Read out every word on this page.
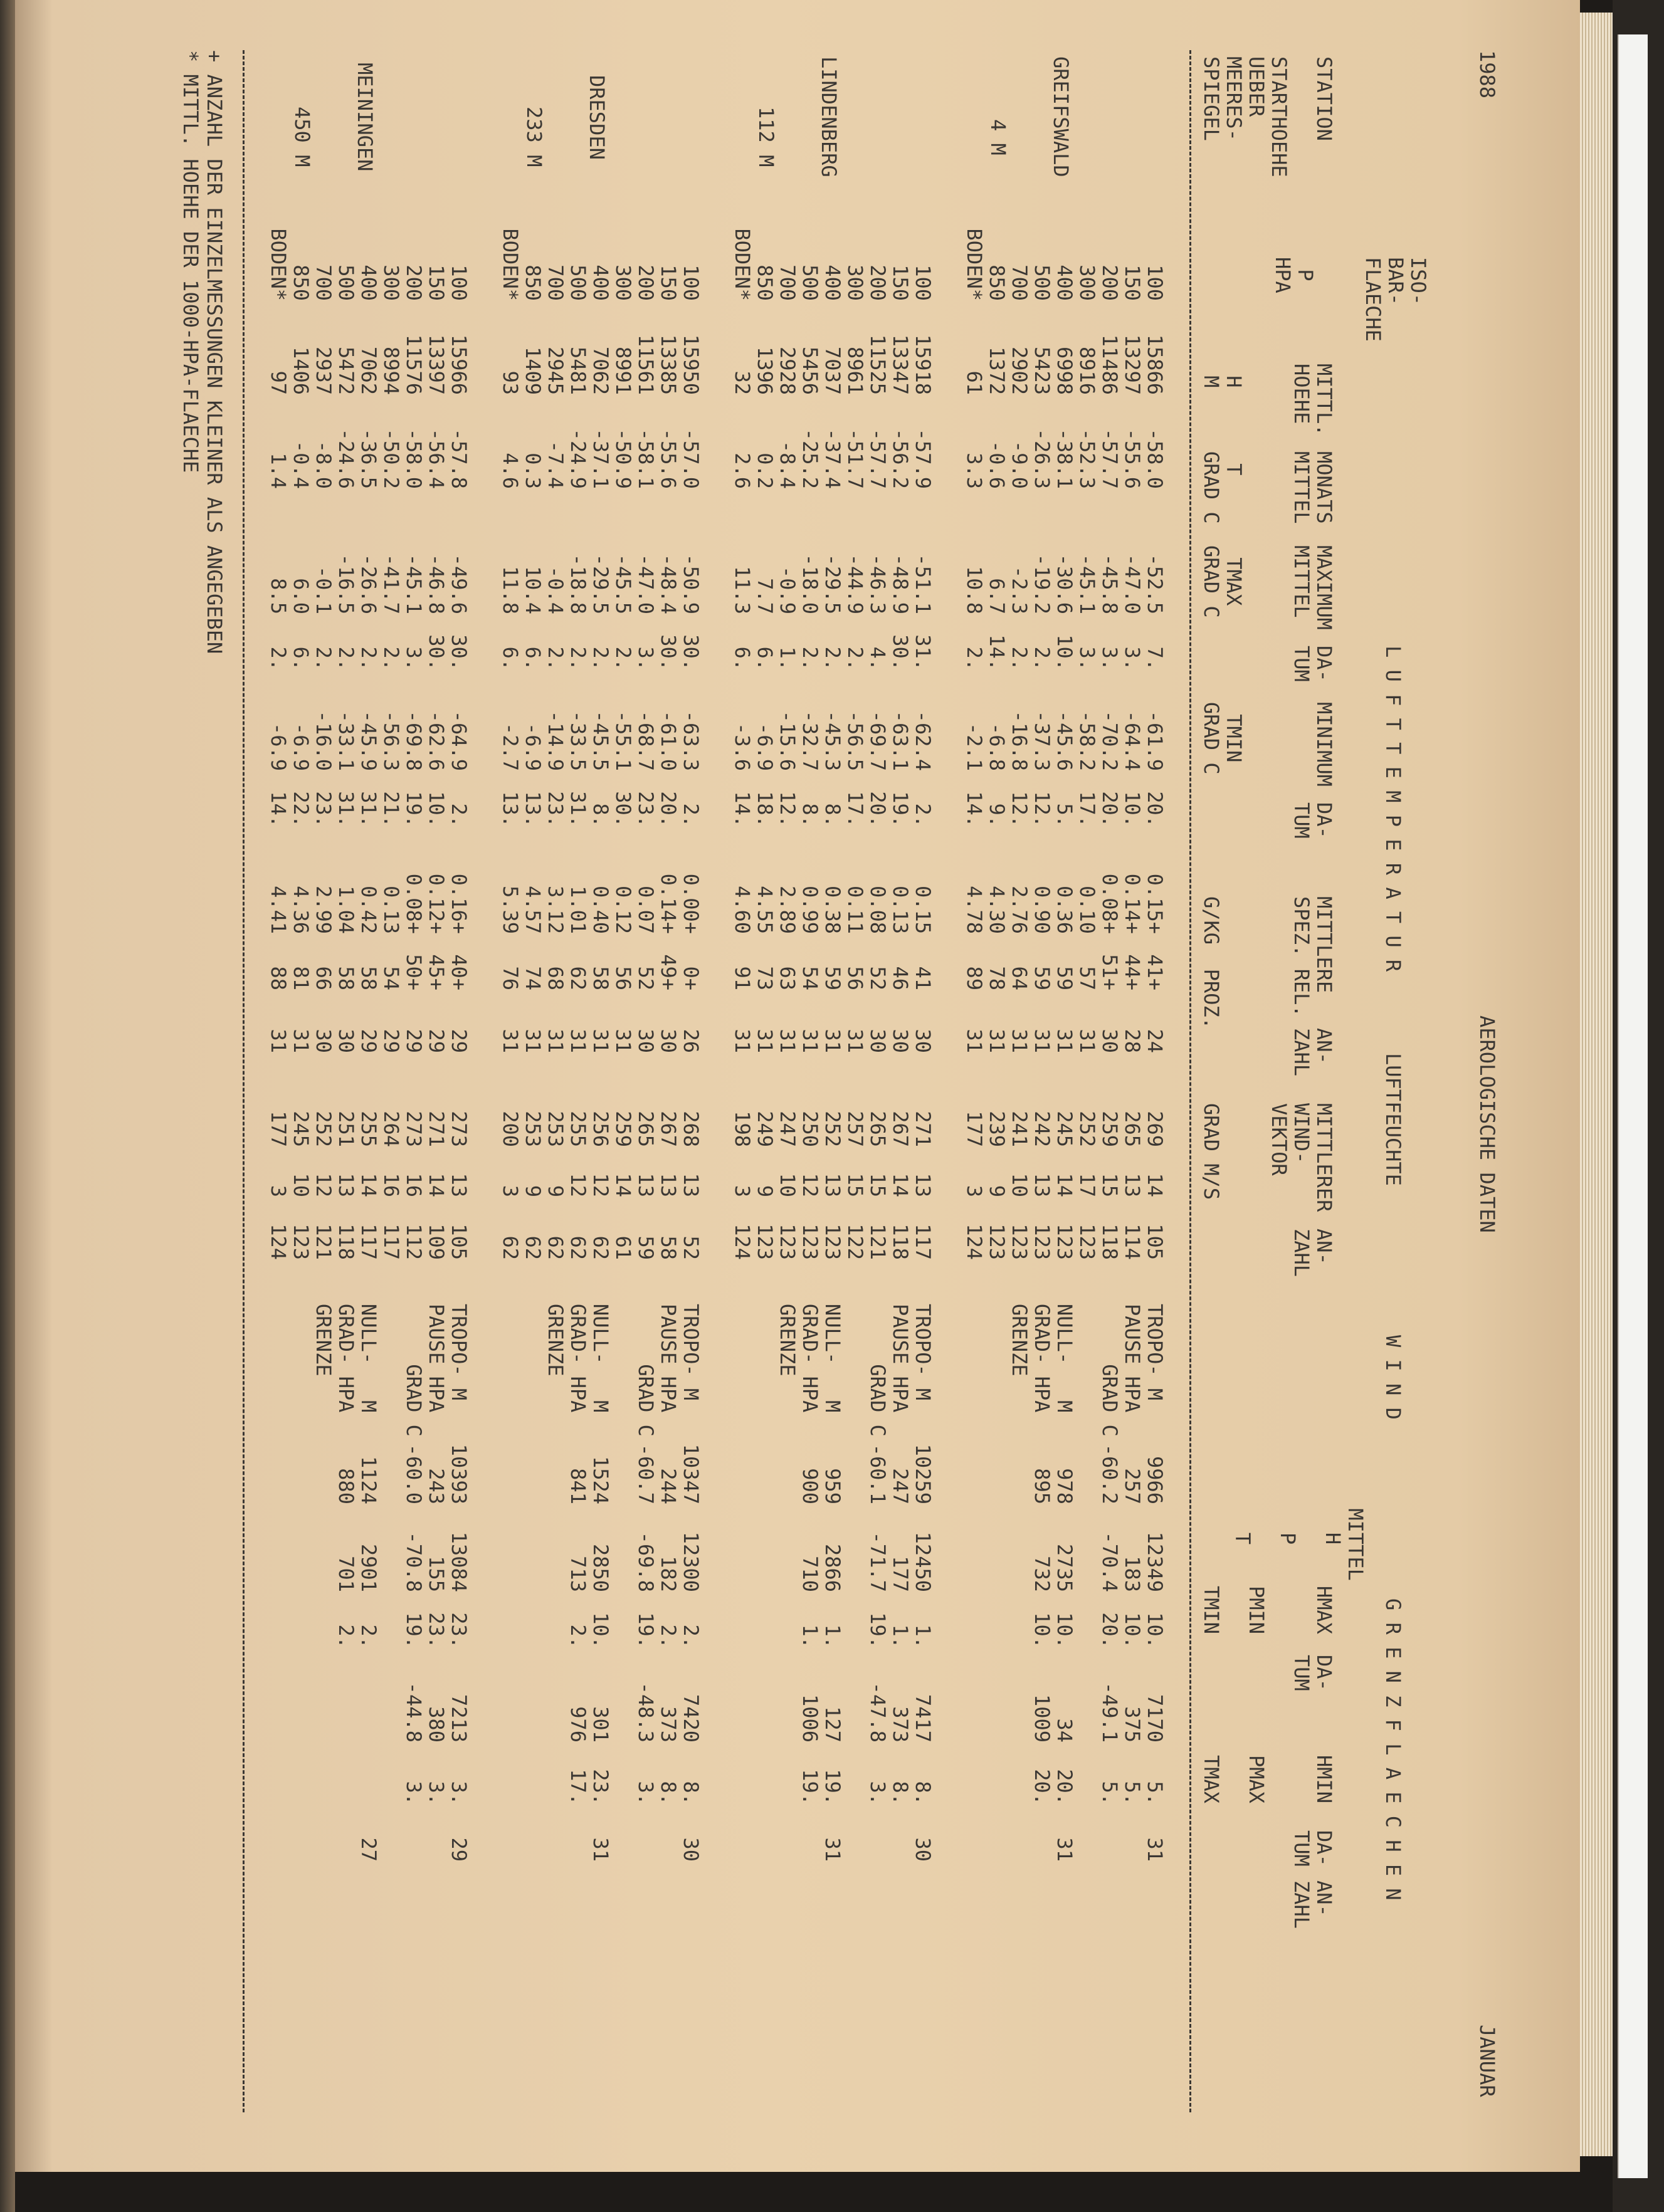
1988
AEROLOGISCHE DATEN
JANUAR
L U F T T E M P E R A T U R
LUFTFEUCHTE
W I N D
G R E N Z F L A E C H E N

STATION

STARTHOEHE
UEBER
MEERES-
SPIEGEL

ISO-
BAR-
FLAECHE

P
HPA

MITTL.
HOEHE

H
M

MONATS
MITTEL

T
GRAD C

MAXIMUM
MITTEL

TMAX
GRAD C

DA-
TUM

MINIMUM

TMIN
GRAD C

DA-
TUM

MITTLERE
SPEZ. REL.

G/KG  PROZ.

AN-
ZAHL

MITTLERER
WIND-
VEKTOR

GRAD M/S

AN-
ZAHL

MITTEL
H

P

T

HMAX

PMIN

TMIN

DA-
TUM

HMIN

PMAX

TMAX

DA-
TUM

AN-
ZAHL

GREIFSWALD
4 M
100
150
200
300
400
500
700
850
BODEN*
15866
13297
11486
8916
6998
5423
2902
1372
61
-58.0
-55.6
-57.7
-52.3
-38.1
-26.3
-9.0
-0.6
3.3
-52.5
-47.0
-45.8
-45.1
-30.6
-19.2
-2.3
6.7
10.8
7.
3.
3.
3.
10.
2.
2.
14.
2.
-61.9
-64.4
-70.2
-58.2
-45.6
-37.3
-16.8
-6.8
-2.1
20.
10.
20.
17.
5.
12.
12.
9.
14.
0.15+
0.14+
0.08+
0.10
0.36
0.90
2.76
4.30
4.78
41+
44+
51+
57
59
59
64
78
89
24
28
30
31
31
31
31
31
31
269
265
259
252
245
242
241
239
177
14
13
15
17
14
13
10
9
3
105
114
118
123
123
123
123
123
124
TROPO- M
PAUSE HPA
GRAD C

NULL-   M
GRAD- HPA
GRENZE
9966
257
-60.2

978
895
12349
183
-70.4

2735
732
10.
10.
20.

10.
10.
7170
375
-49.1

34
1009
5.
5.
5.

20.
20.
31

31
LINDENBERG
112 M
100
150
200
300
400
500
700
850
BODEN*
15918
13347
11525
8961
7037
5456
2928
1396
32
-57.9
-56.2
-57.7
-51.7
-37.4
-25.2
-8.4
0.2
2.6
-51.1
-48.9
-46.3
-44.9
-29.5
-18.0
-0.9
7.7
11.3
31.
30.
4.
2.
2.
2.
1.
6.
6.
-62.4
-63.1
-69.7
-56.5
-45.3
-32.7
-15.6
-6.9
-3.6
2.
19.
20.
17.
8.
8.
12.
18.
14.
0.15
0.13
0.08
0.11
0.38
0.99
2.89
4.55
4.60
41
46
52
56
59
54
63
73
91
30
30
30
31
31
31
31
31
31
271
267
265
257
252
250
247
249
198
13
14
15
15
13
12
10
9
3
117
118
121
122
123
123
123
123
124
TROPO- M
PAUSE HPA
GRAD C

NULL-   M
GRAD- HPA
GRENZE
10259
247
-60.1

959
900
12450
177
-71.7

2866
710
1.
1.
19.

1.
1.
7417
373
-47.8

127
1006
8.
8.
3.

19.
19.
30

31
DRESDEN
233 M
100
150
200
300
400
500
700
850
BODEN*
15950
13385
11561
8991
7062
5481
2945
1409
93
-57.0
-55.6
-58.1
-50.9
-37.1
-24.9
-7.4
0.3
4.6
-50.9
-48.4
-47.0
-45.5
-29.5
-18.8
-0.4
10.4
11.8
30.
30.
3.
2.
2.
2.
2.
6.
6.
-63.3
-61.0
-68.7
-55.1
-45.5
-33.5
-14.9
-6.9
-2.7
2.
20.
23.
30.
8.
31.
23.
13.
13.
0.00+
0.14+
0.07
0.12
0.40
1.01
3.12
4.57
5.39
0+
49+
52
56
58
62
68
74
76
26
30
30
31
31
31
31
31
31
268
267
265
259
256
255
253
253
200
13
13
13
14
12
12
9
9
3
52
58
59
61
62
62
62
62
62
TROPO- M
PAUSE HPA
GRAD C

NULL-   M
GRAD- HPA
GRENZE
10347
244
-60.7

1524
841
12300
182
-69.8

2850
713
2.
2.
19.

10.
2.
7420
373
-48.3

301
976
8.
8.
3.

23.
17.
30

31
MEININGEN
450 M
100
150
200
300
400
500
700
850
BODEN*
15966
13397
11576
8994
7062
5472
2937
1406
97
-57.8
-56.4
-58.0
-50.2
-36.5
-24.6
-8.0
-0.4
1.4
-49.6
-46.8
-45.1
-41.7
-26.6
-16.5
-0.1
6.0
8.5
30.
30.
3.
2.
2.
2.
2.
6.
2.
-64.9
-62.6
-69.8
-56.3
-45.9
-33.1
-16.0
-6.9
-6.9
2.
10.
19.
21.
31.
31.
23.
22.
14.
0.16+
0.12+
0.08+
0.13
0.42
1.04
2.99
4.36
4.41
40+
45+
50+
54
58
58
66
81
88
29
29
29
29
29
30
30
31
31
273
271
273
264
255
251
252
245
177
13
14
16
16
14
13
12
10
3
105
109
112
117
117
118
121
123
124
TROPO- M
PAUSE HPA
GRAD C

NULL-   M
GRAD- HPA
GRENZE
10393
243
-60.0

1124
880
13084
155
-70.8

2901
701
23.
23.
19.

2.
2.
7213
380
-44.8
3.
3.
3.
29

27
+ ANZAHL DER EINZELMESSUNGEN KLEINER ALS ANGEGEBEN
* MITTL. HOEHE DER 1000-HPA-FLAECHE
